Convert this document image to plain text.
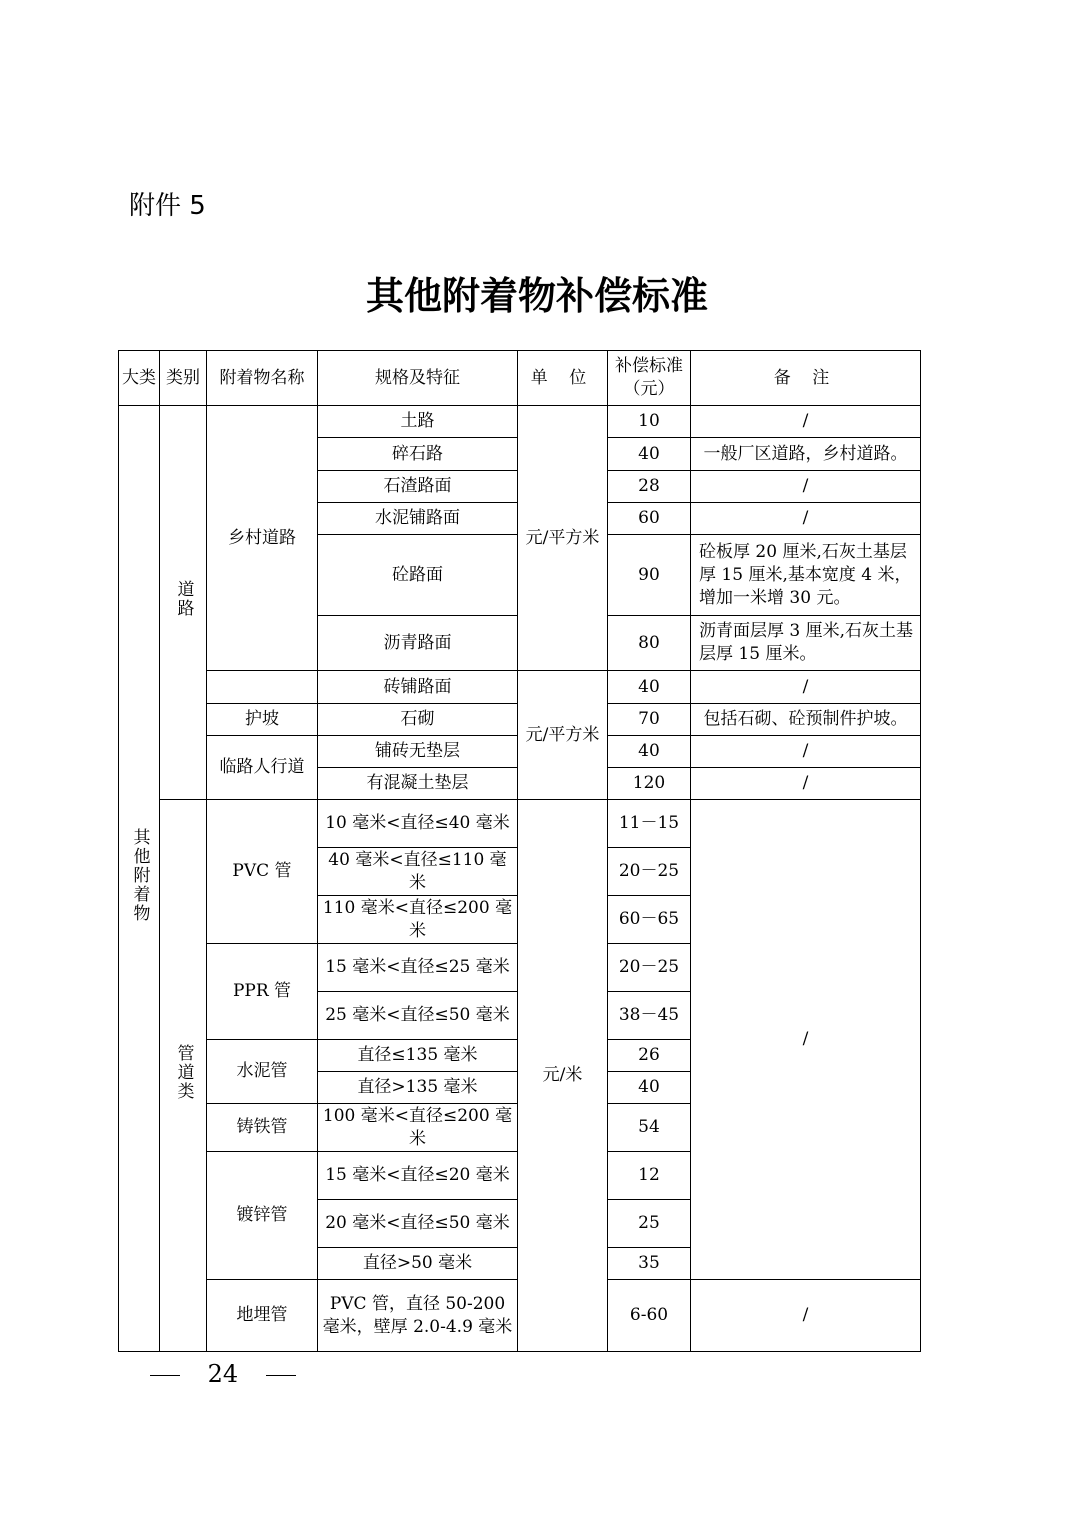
附件 5
其他附着物补偿标准
大类	类别	附着物名称	规格及特征	单 位	补偿标准（元）	备 注
其他附着物	道路	乡村道路	土路	元/平方米	10	/
			碎石路		40	一般厂区道路，乡村道路。
			石渣路面		28	/
			水泥铺路面		60	/
			砼路面		90	砼板厚 20 厘米,石灰土基层厚 15 厘米,基本宽度 4 米，增加一米增 30 元。
			沥青路面		80	沥青面层厚 3 厘米,石灰土基层厚 15 厘米。
			砖铺路面	元/平方米	40	/
		护坡	石砌		70	包括石砌、砼预制件护坡。
		临路人行道	铺砖无垫层		40	/
			有混凝土垫层		120	/
	管道类	PVC 管	10 毫米<直径≤40 毫米	元/米	11－15	/
			40 毫米<直径≤110 毫米		20－25	
			110 毫米<直径≤200 毫米		60－65	
		PPR 管	15 毫米<直径≤25 毫米		20－25	
			25 毫米<直径≤50 毫米		38－45	
		水泥管	直径≤135 毫米		26	
			直径>135 毫米		40	
		铸铁管	100 毫米<直径≤200 毫米		54	
		镀锌管	15 毫米<直径≤20 毫米		12	
			20 毫米<直径≤50 毫米		25	
			直径>50 毫米		35	
		地埋管	PVC 管，直径 50-200 毫米，壁厚 2.0-4.9 毫米		6-60	/
24
